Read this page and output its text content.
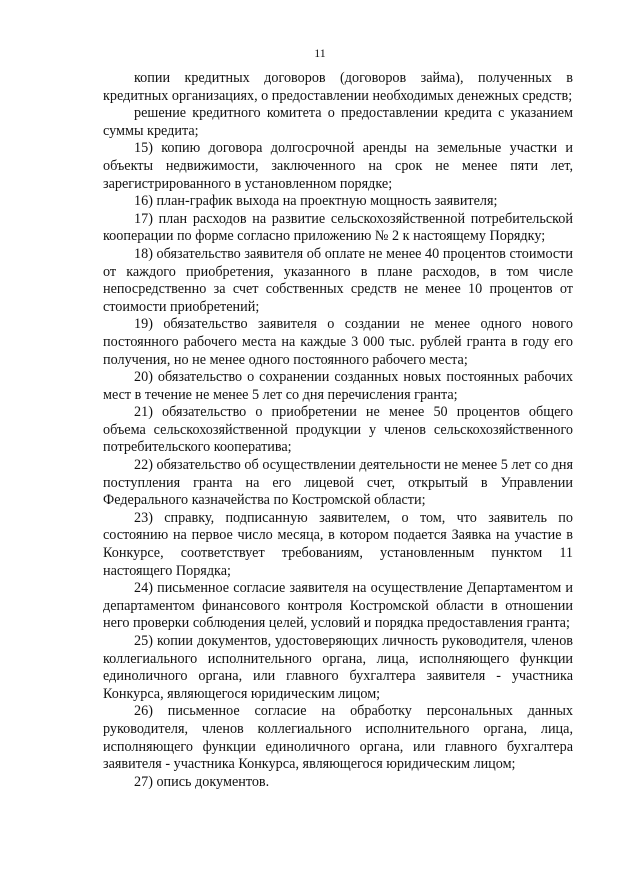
11

копии кредитных договоров (договоров займа), полученных в кредитных организациях, о предоставлении необходимых денежных средств;

решение кредитного комитета о предоставлении кредита с указанием суммы кредита;

15) копию договора долгосрочной аренды на земельные участки и объекты недвижимости, заключенного на срок не менее пяти лет, зарегистрированного в установленном порядке;

16) план-график выхода на проектную мощность заявителя;

17) план расходов на развитие сельскохозяйственной потребительской кооперации по форме согласно приложению № 2 к настоящему Порядку;

18) обязательство заявителя об оплате не менее 40 процентов стоимости от каждого приобретения, указанного в плане расходов, в том числе непосредственно за счет собственных средств не менее 10 процентов от стоимости приобретений;

19) обязательство заявителя о создании не менее одного нового постоянного рабочего места на каждые 3 000 тыс. рублей гранта в году его получения, но не менее одного постоянного рабочего места;

20) обязательство о сохранении созданных новых постоянных рабочих мест в течение не менее 5 лет со дня перечисления гранта;

21) обязательство о приобретении не менее 50 процентов общего объема сельскохозяйственной продукции у членов сельскохозяйственного потребительского кооператива;

22) обязательство об осуществлении деятельности не менее 5 лет со дня поступления гранта на его лицевой счет, открытый в Управлении Федерального казначейства по Костромской области;

23) справку, подписанную заявителем, о том, что заявитель по состоянию на первое число месяца, в котором подается Заявка на участие в Конкурсе, соответствует требованиям, установленным пунктом 11 настоящего Порядка;

24) письменное согласие заявителя на осуществление Департаментом и департаментом финансового контроля Костромской области в отношении него проверки соблюдения целей, условий и порядка предоставления гранта;

25) копии документов, удостоверяющих личность руководителя, членов коллегиального исполнительного органа, лица, исполняющего функции единоличного органа, или главного бухгалтера заявителя - участника Конкурса, являющегося юридическим лицом;

26) письменное согласие на обработку персональных данных руководителя, членов коллегиального исполнительного органа, лица, исполняющего функции единоличного органа, или главного бухгалтера заявителя - участника Конкурса, являющегося юридическим лицом;

27) опись документов.
